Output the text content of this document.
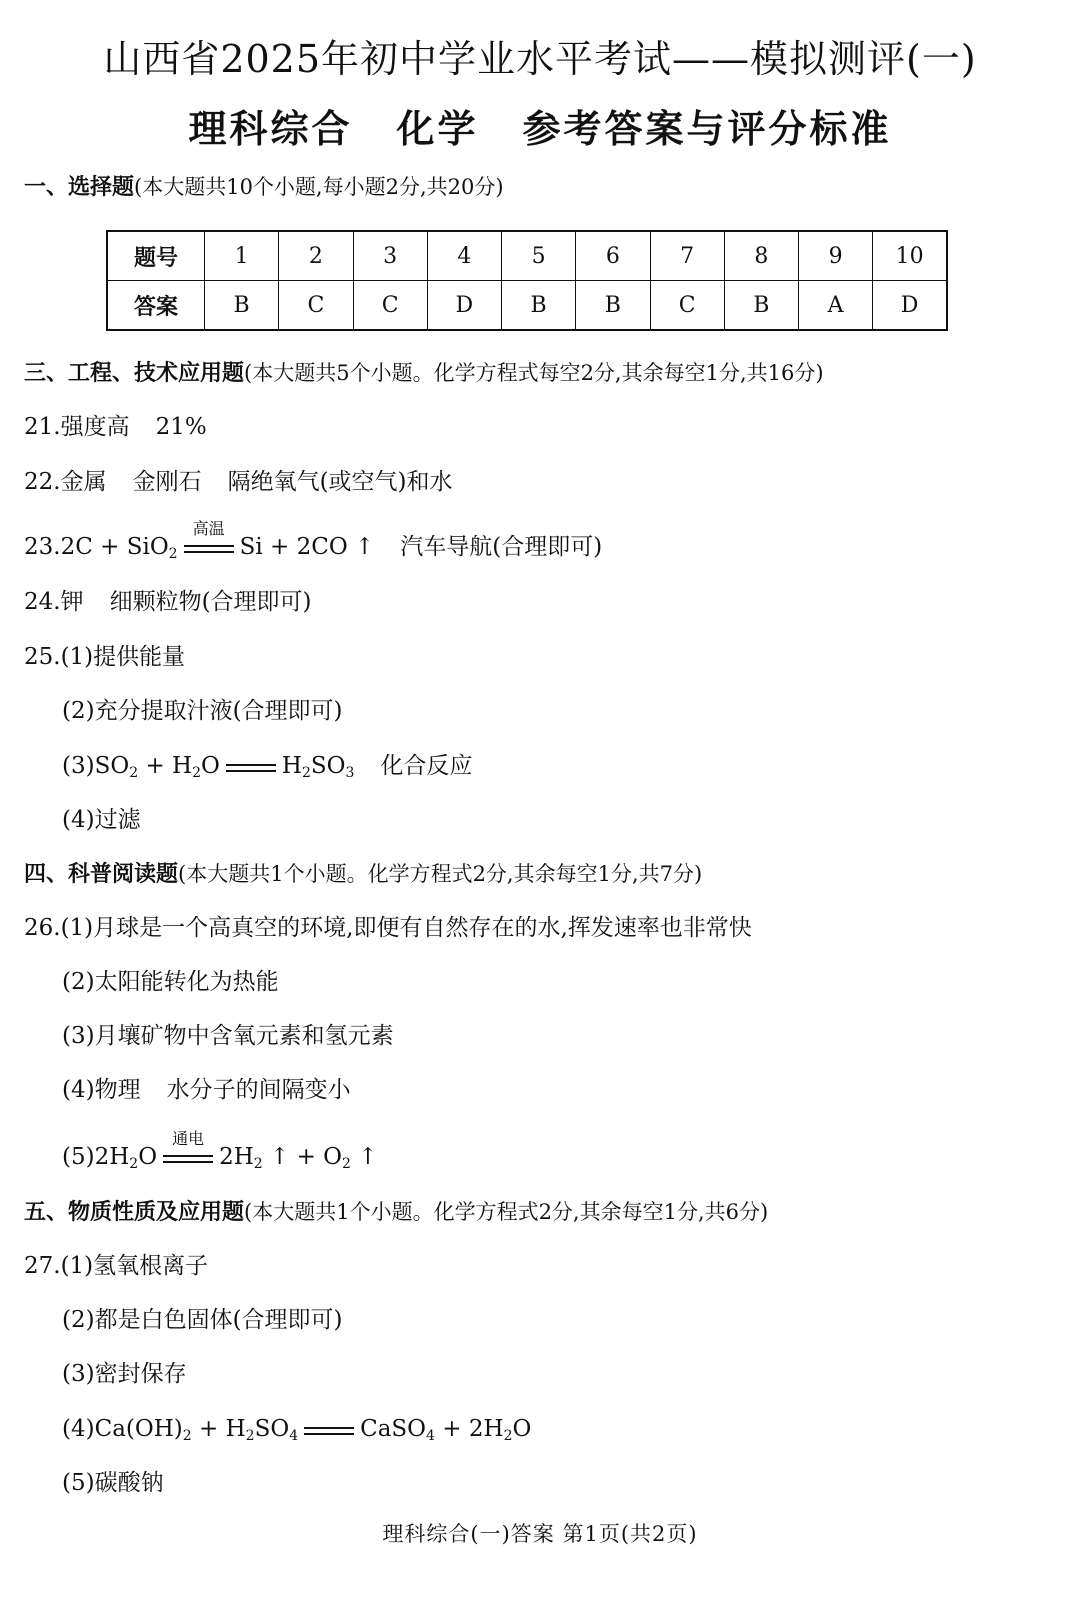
山西省2025年初中学业水平考试——模拟测评(一)
理科综合 化学 参考答案与评分标准
一、选择题(本大题共10个小题,每小题2分,共20分)
题号	1	2	3	4	5	6	7	8	9	10
答案	B	C	C	D	B	B	C	B	A	D
三、工程、技术应用题(本大题共5个小题。化学方程式每空2分,其余每空1分,共16分)
21.强度高 21%
22.金属 金刚石 隔绝氧气(或空气)和水
23.2C + SiO$_2$
高温
Si + 2CO ↑ 汽车导航(合理即可)
24.钾 细颗粒物(合理即可)
25.(1)提供能量
(2)充分提取汁液(合理即可)
$(3)SO_2 + H_2O$	$H_2SO_3$ 化合反应
(4)过滤
四、科普阅读题(本大题共1个小题。化学方程式2分,其余每空1分,共7分)
26.(1)月球是一个高真空的环境,即便有自然存在的水,挥发速率也非常快
(2)太阳能转化为热能
(3)月壤矿物中含氧元素和氢元素
(4)物理 水分子的间隔变小
$(5)2H_2O$
通电
$2H_2$ ↑ + $O_2$ ↑
五、物质性质及应用题(本大题共1个小题。化学方程式2分,其余每空1分,共6分)
27.(1)氢氧根离子
(2)都是白色固体(合理即可)
(3)密封保存
$(4)Ca(OH)_2 + H_2SO_4$	CaSO$_4$ + $2H_2O$
(5)碳酸钠
理科综合(一)答案 第1页(共2页)
